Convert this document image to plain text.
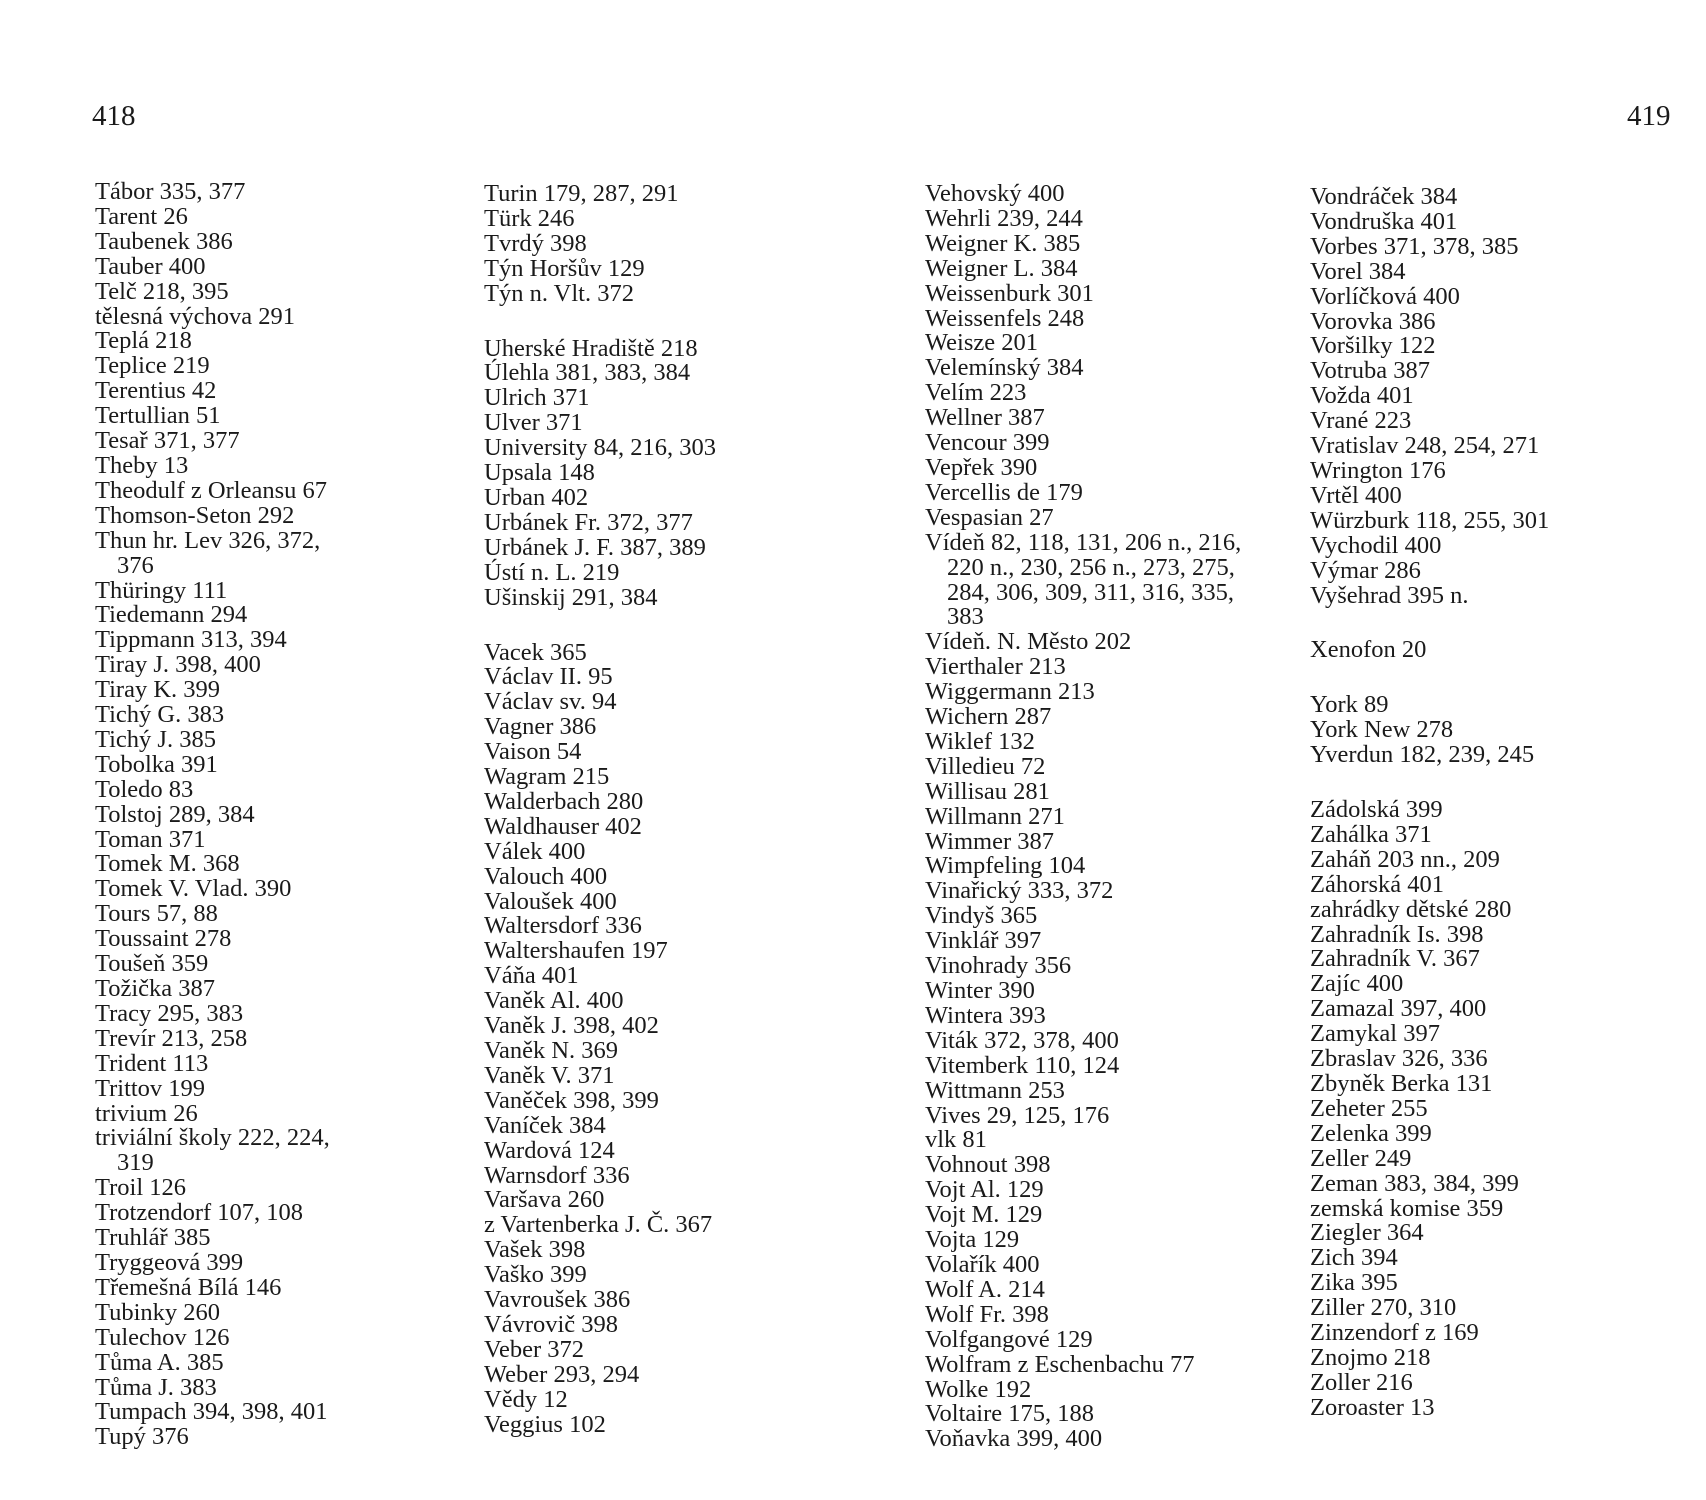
418	419
Tábor 335, 377
Tarent 26
Taubenek 386
Tauber 400
Telč 218, 395
tělesná výchova 291
Teplá 218
Teplice 219
Terentius 42
Tertullian 51
Tesař 371, 377
Theby 13
Theodulf z Orleansu 67
Thomson-Seton 292
Thun hr. Lev 326, 372,
376
Thüringy 111
Tiedemann 294
Tippmann 313, 394
Tiray J. 398, 400
Tiray K. 399
Tichý G. 383
Tichý J. 385
Tobolka 391
Toledo 83
Tolstoj 289, 384
Toman 371
Tomek M. 368
Tomek V. Vlad. 390
Tours 57, 88
Toussaint 278
Toušeň 359
Tožička 387
Tracy 295, 383
Trevír 213, 258
Trident 113
Trittov 199
trivium 26
triviální školy 222, 224,
319
Troil 126
Trotzendorf 107, 108
Truhlář 385
Tryggeová 399
Třemešná Bílá 146
Tubinky 260
Tulechov 126
Tůma A. 385
Tůma J. 383
Tumpach 394, 398, 401
Tupý 376
Turin 179, 287, 291
Türk 246
Tvrdý 398
Týn Horšův 129
Týn n. Vlt. 372
Uherské Hradiště 218
Úlehla 381, 383, 384
Ulrich 371
Ulver 371
University 84, 216, 303
Upsala 148
Urban 402
Urbánek Fr. 372, 377
Urbánek J. F. 387, 389
Ústí n. L. 219
Ušinskij 291, 384
Vacek 365
Václav II. 95
Václav sv. 94
Vagner 386
Vaison 54
Wagram 215
Walderbach 280
Waldhauser 402
Válek 400
Valouch 400
Valoušek 400
Waltersdorf 336
Waltershaufen 197
Váňa 401
Vaněk Al. 400
Vaněk J. 398, 402
Vaněk N. 369
Vaněk V. 371
Vaněček 398, 399
Vaníček 384
Wardová 124
Warnsdorf 336
Varšava 260
z Vartenberka J. Č. 367
Vašek 398
Vaško 399
Vavroušek 386
Vávrovič 398
Veber 372
Weber 293, 294
Vědy 12
Veggius 102
Vehovský 400
Wehrli 239, 244
Weigner K. 385
Weigner L. 384
Weissenburk 301
Weissenfels 248
Weisze 201
Velemínský 384
Velím 223
Wellner 387
Vencour 399
Vepřek 390
Vercellis de 179
Vespasian 27
Vídeň 82, 118, 131, 206 n., 216,
220 n., 230, 256 n., 273, 275,
284, 306, 309, 311, 316, 335,
383
Vídeň. N. Město 202
Vierthaler 213
Wiggermann 213
Wichern 287
Wiklef 132
Villedieu 72
Willisau 281
Willmann 271
Wimmer 387
Wimpfeling 104
Vinařický 333, 372
Vindyš 365
Vinklář 397
Vinohrady 356
Winter 390
Wintera 393
Viták 372, 378, 400
Vitemberk 110, 124
Wittmann 253
Vives 29, 125, 176
vlk 81
Vohnout 398
Vojt Al. 129
Vojt M. 129
Vojta 129
Volařík 400
Wolf A. 214
Wolf Fr. 398
Volfgangové 129
Wolfram z Eschenbachu 77
Wolke 192
Voltaire 175, 188
Voňavka 399, 400
Vondráček 384
Vondruška 401
Vorbes 371, 378, 385
Vorel 384
Vorlíčková 400
Vorovka 386
Voršilky 122
Votruba 387
Vožda 401
Vrané 223
Vratislav 248, 254, 271
Wrington 176
Vrtěl 400
Würzburk 118, 255, 301
Vychodil 400
Výmar 286
Vyšehrad 395 n.
Xenofon 20
York 89
York New 278
Yverdun 182, 239, 245
Zádolská 399
Zahálka 371
Zaháň 203 nn., 209
Záhorská 401
zahrádky dětské 280
Zahradník Is. 398
Zahradník V. 367
Zajíc 400
Zamazal 397, 400
Zamykal 397
Zbraslav 326, 336
Zbyněk Berka 131
Zeheter 255
Zelenka 399
Zeller 249
Zeman 383, 384, 399
zemská komise 359
Ziegler 364
Zich 394
Zika 395
Ziller 270, 310
Zinzendorf z 169
Znojmo 218
Zoller 216
Zoroaster 13
